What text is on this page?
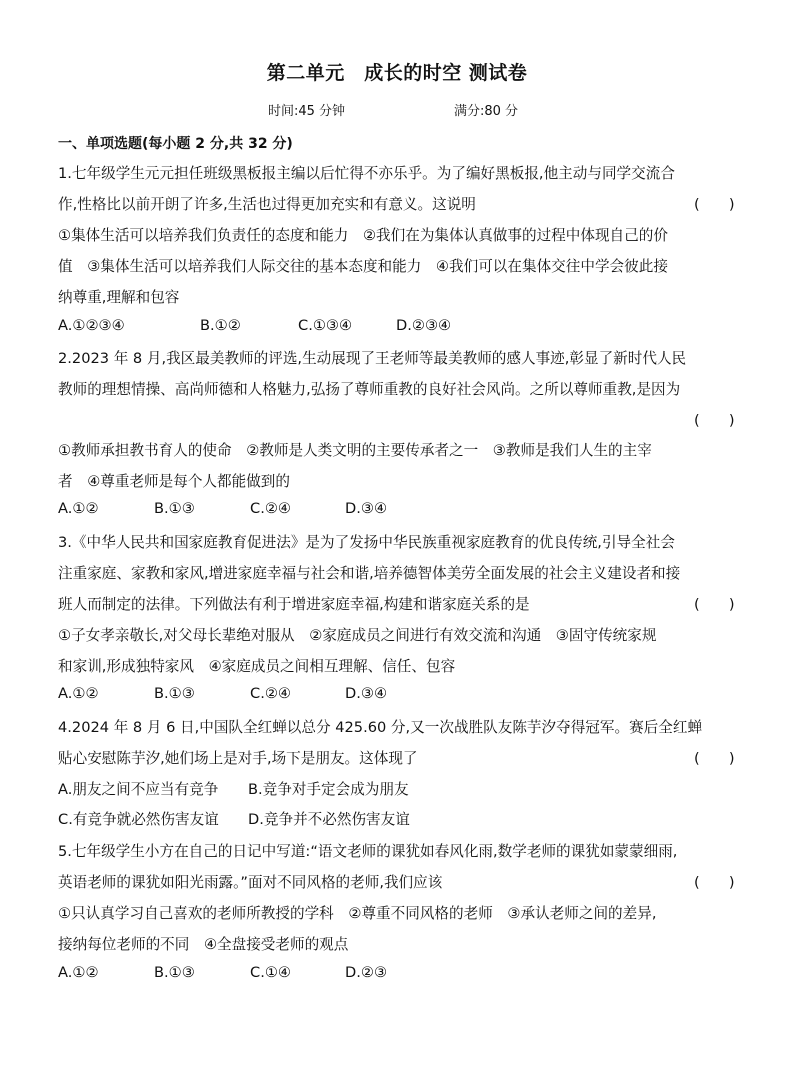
第二单元　成长的时空 测试卷
时间:45 分钟	满分:80 分
一、单项选题(每小题 2 分,共 32 分)
1.七年级学生元元担任班级黑板报主编以后忙得不亦乐乎。为了编好黑板报,他主动与同学交流合
作,性格比以前开朗了许多,生活也过得更加充实和有意义。这说明	(　　)
①集体生活可以培养我们负责任的态度和能力　②我们在为集体认真做事的过程中体现自己的价
值　③集体生活可以培养我们人际交往的基本态度和能力　④我们可以在集体交往中学会彼此接
纳尊重,理解和包容
A.①②③④	B.①②	C.①③④	D.②③④
2.2023 年 8 月,我区最美教师的评选,生动展现了王老师等最美教师的感人事迹,彰显了新时代人民
教师的理想情操、高尚师德和人格魅力,弘扬了尊师重教的良好社会风尚。之所以尊师重教,是因为
(　　)
①教师承担教书育人的使命　②教师是人类文明的主要传承者之一　③教师是我们人生的主宰
者　④尊重老师是每个人都能做到的
A.①②	B.①③	C.②④	D.③④
3.《中华人民共和国家庭教育促进法》是为了发扬中华民族重视家庭教育的优良传统,引导全社会
注重家庭、家教和家风,增进家庭幸福与社会和谐,培养德智体美劳全面发展的社会主义建设者和接
班人而制定的法律。下列做法有利于增进家庭幸福,构建和谐家庭关系的是	(　　)
①子女孝亲敬长,对父母长辈绝对服从　②家庭成员之间进行有效交流和沟通　③固守传统家规
和家训,形成独特家风　④家庭成员之间相互理解、信任、包容
A.①②	B.①③	C.②④	D.③④
4.2024 年 8 月 6 日,中国队全红蝉以总分 425.60 分,又一次战胜队友陈芋汐夺得冠军。赛后全红蝉
贴心安慰陈芋汐,她们场上是对手,场下是朋友。这体现了	(　　)
A.朋友之间不应当有竞争 B.竞争对手定会成为朋友
C.有竞争就必然伤害友谊 D.竞争并不必然伤害友谊
5.七年级学生小方在自己的日记中写道:“语文老师的课犹如春风化雨,数学老师的课犹如蒙蒙细雨,
英语老师的课犹如阳光雨露。”面对不同风格的老师,我们应该	(　　)
①只认真学习自己喜欢的老师所教授的学科　②尊重不同风格的老师　③承认老师之间的差异,
接纳每位老师的不同　④全盘接受老师的观点
A.①②	B.①③	C.①④	D.②③
